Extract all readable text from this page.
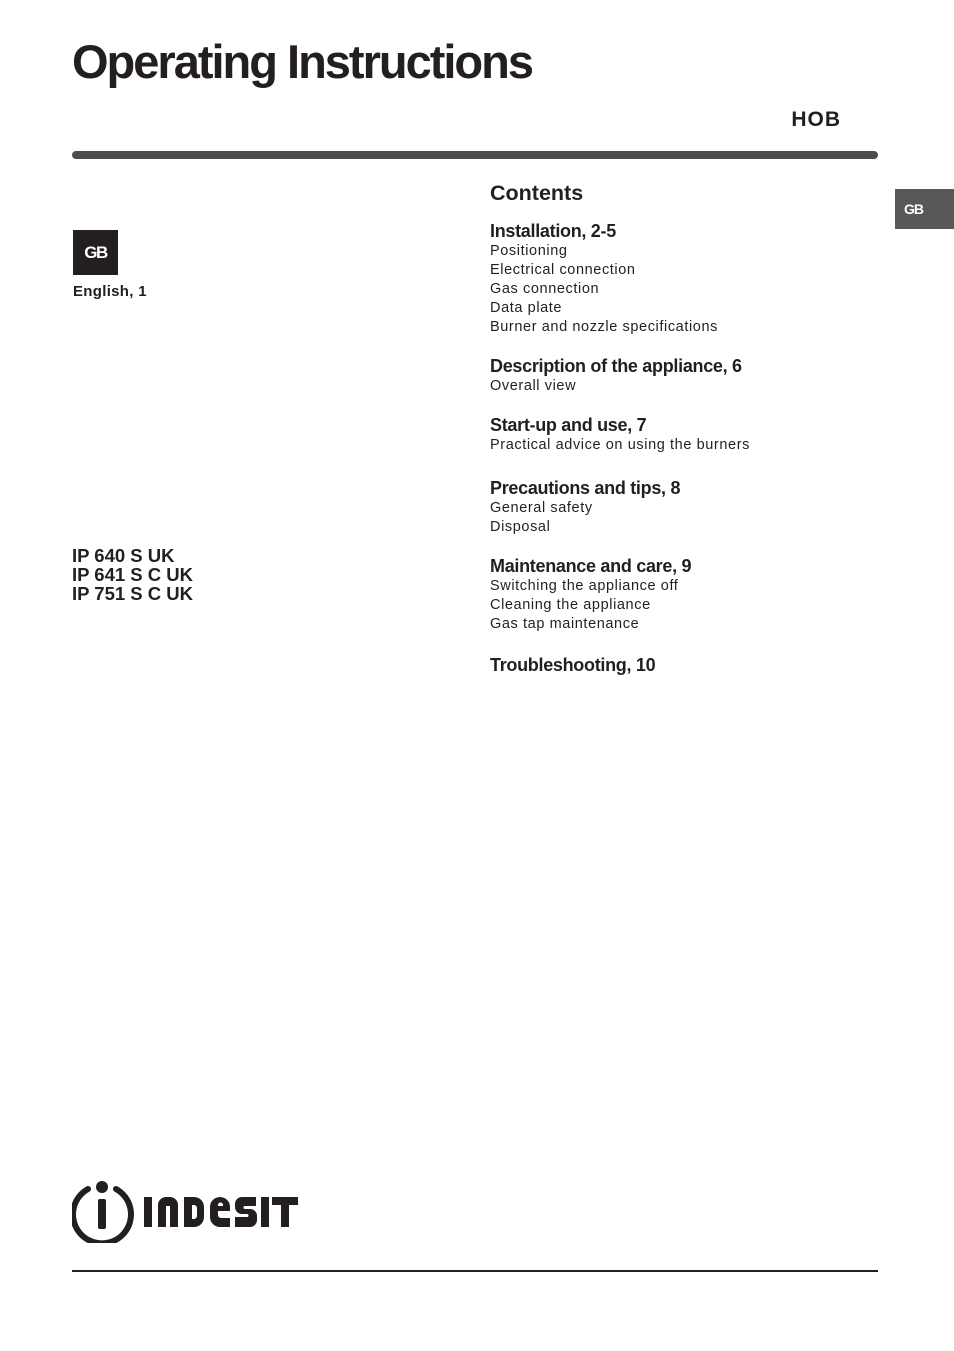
Operating Instructions
HOB
GB
GB
English, 1
IP 640 S UK
IP 641 S C UK
IP 751 S C UK
Contents
Installation, 2-5
Positioning
Electrical connection
Gas connection
Data plate
Burner and nozzle specifications
Description of the appliance, 6
Overall view
Start-up and use, 7
Practical advice on using the burners
Precautions and tips, 8
General safety
Disposal
Maintenance and care, 9
Switching the appliance off
Cleaning the appliance
Gas tap maintenance
Troubleshooting, 10
